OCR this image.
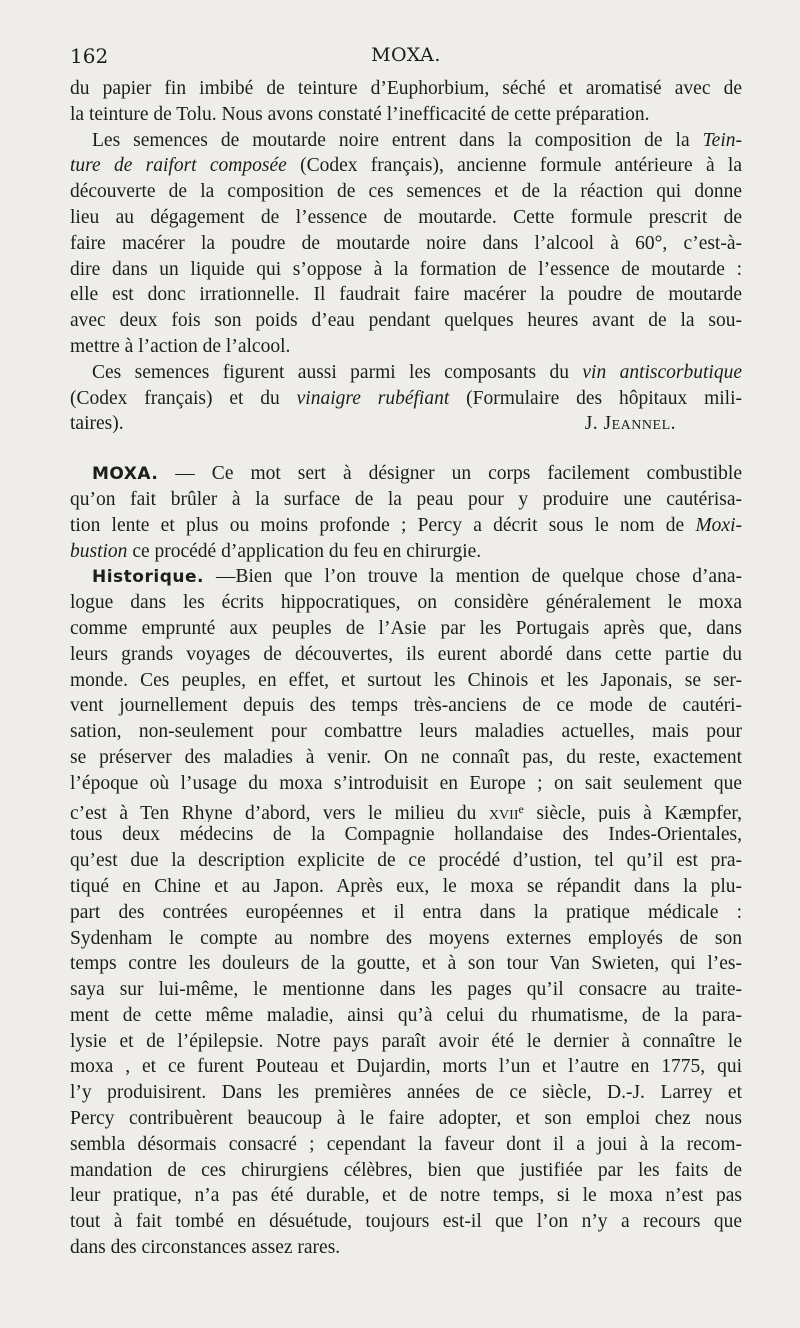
162	MOXA.
du papier fin imbibé de teinture d’Euphorbium, séché et aromatisé avec de
la teinture de Tolu. Nous avons constaté l’inefficacité de cette préparation.
Les semences de moutarde noire entrent dans la composition de la Tein-
ture de raifort composée (Codex français), ancienne formule antérieure à la
découverte de la composition de ces semences et de la réaction qui donne
lieu au dégagement de l’essence de moutarde. Cette formule prescrit de
faire macérer la poudre de moutarde noire dans l’alcool à 60°, c’est-à-
dire dans un liquide qui s’oppose à la formation de l’essence de moutarde :
elle est donc irrationnelle. Il faudrait faire macérer la poudre de moutarde
avec deux fois son poids d’eau pendant quelques heures avant de la sou-
mettre à l’action de l’alcool.
Ces semences figurent aussi parmi les composants du vin antiscorbutique
(Codex français) et du vinaigre rubéfiant (Formulaire des hôpitaux mili-
taires).	J. Jeannel.
MOXA. — Ce mot sert à désigner un corps facilement combustible
qu’on fait brûler à la surface de la peau pour y produire une cautérisa-
tion lente et plus ou moins profonde ; Percy a décrit sous le nom de Moxi-
bustion ce procédé d’application du feu en chirurgie.
Historique. —Bien que l’on trouve la mention de quelque chose d’ana-
logue dans les écrits hippocratiques, on considère généralement le moxa
comme emprunté aux peuples de l’Asie par les Portugais après que, dans
leurs grands voyages de découvertes, ils eurent abordé dans cette partie du
monde. Ces peuples, en effet, et surtout les Chinois et les Japonais, se ser-
vent journellement depuis des temps très-anciens de ce mode de cautéri-
sation, non-seulement pour combattre leurs maladies actuelles, mais pour
se préserver des maladies à venir. On ne connaît pas, du reste, exactement
l’époque où l’usage du moxa s’introduisit en Europe ; on sait seulement que
c’est à Ten Rhyne d’abord, vers le milieu du xvii$^e$ siècle, puis à Kæmpfer,
tous deux médecins de la Compagnie hollandaise des Indes-Orientales,
qu’est due la description explicite de ce procédé d’ustion, tel qu’il est pra-
tiqué en Chine et au Japon. Après eux, le moxa se répandit dans la plu-
part des contrées européennes et il entra dans la pratique médicale :
Sydenham le compte au nombre des moyens externes employés de son
temps contre les douleurs de la goutte, et à son tour Van Swieten, qui l’es-
saya sur lui-même, le mentionne dans les pages qu’il consacre au traite-
ment de cette même maladie, ainsi qu’à celui du rhumatisme, de la para-
lysie et de l’épilepsie. Notre pays paraît avoir été le dernier à connaître le
moxa , et ce furent Pouteau et Dujardin, morts l’un et l’autre en 1775, qui
l’y produisirent. Dans les premières années de ce siècle, D.-J. Larrey et
Percy contribuèrent beaucoup à le faire adopter, et son emploi chez nous
sembla désormais consacré ; cependant la faveur dont il a joui à la recom-
mandation de ces chirurgiens célèbres, bien que justifiée par les faits de
leur pratique, n’a pas été durable, et de notre temps, si le moxa n’est pas
tout à fait tombé en désuétude, toujours est-il que l’on n’y a recours que
dans des circonstances assez rares.
